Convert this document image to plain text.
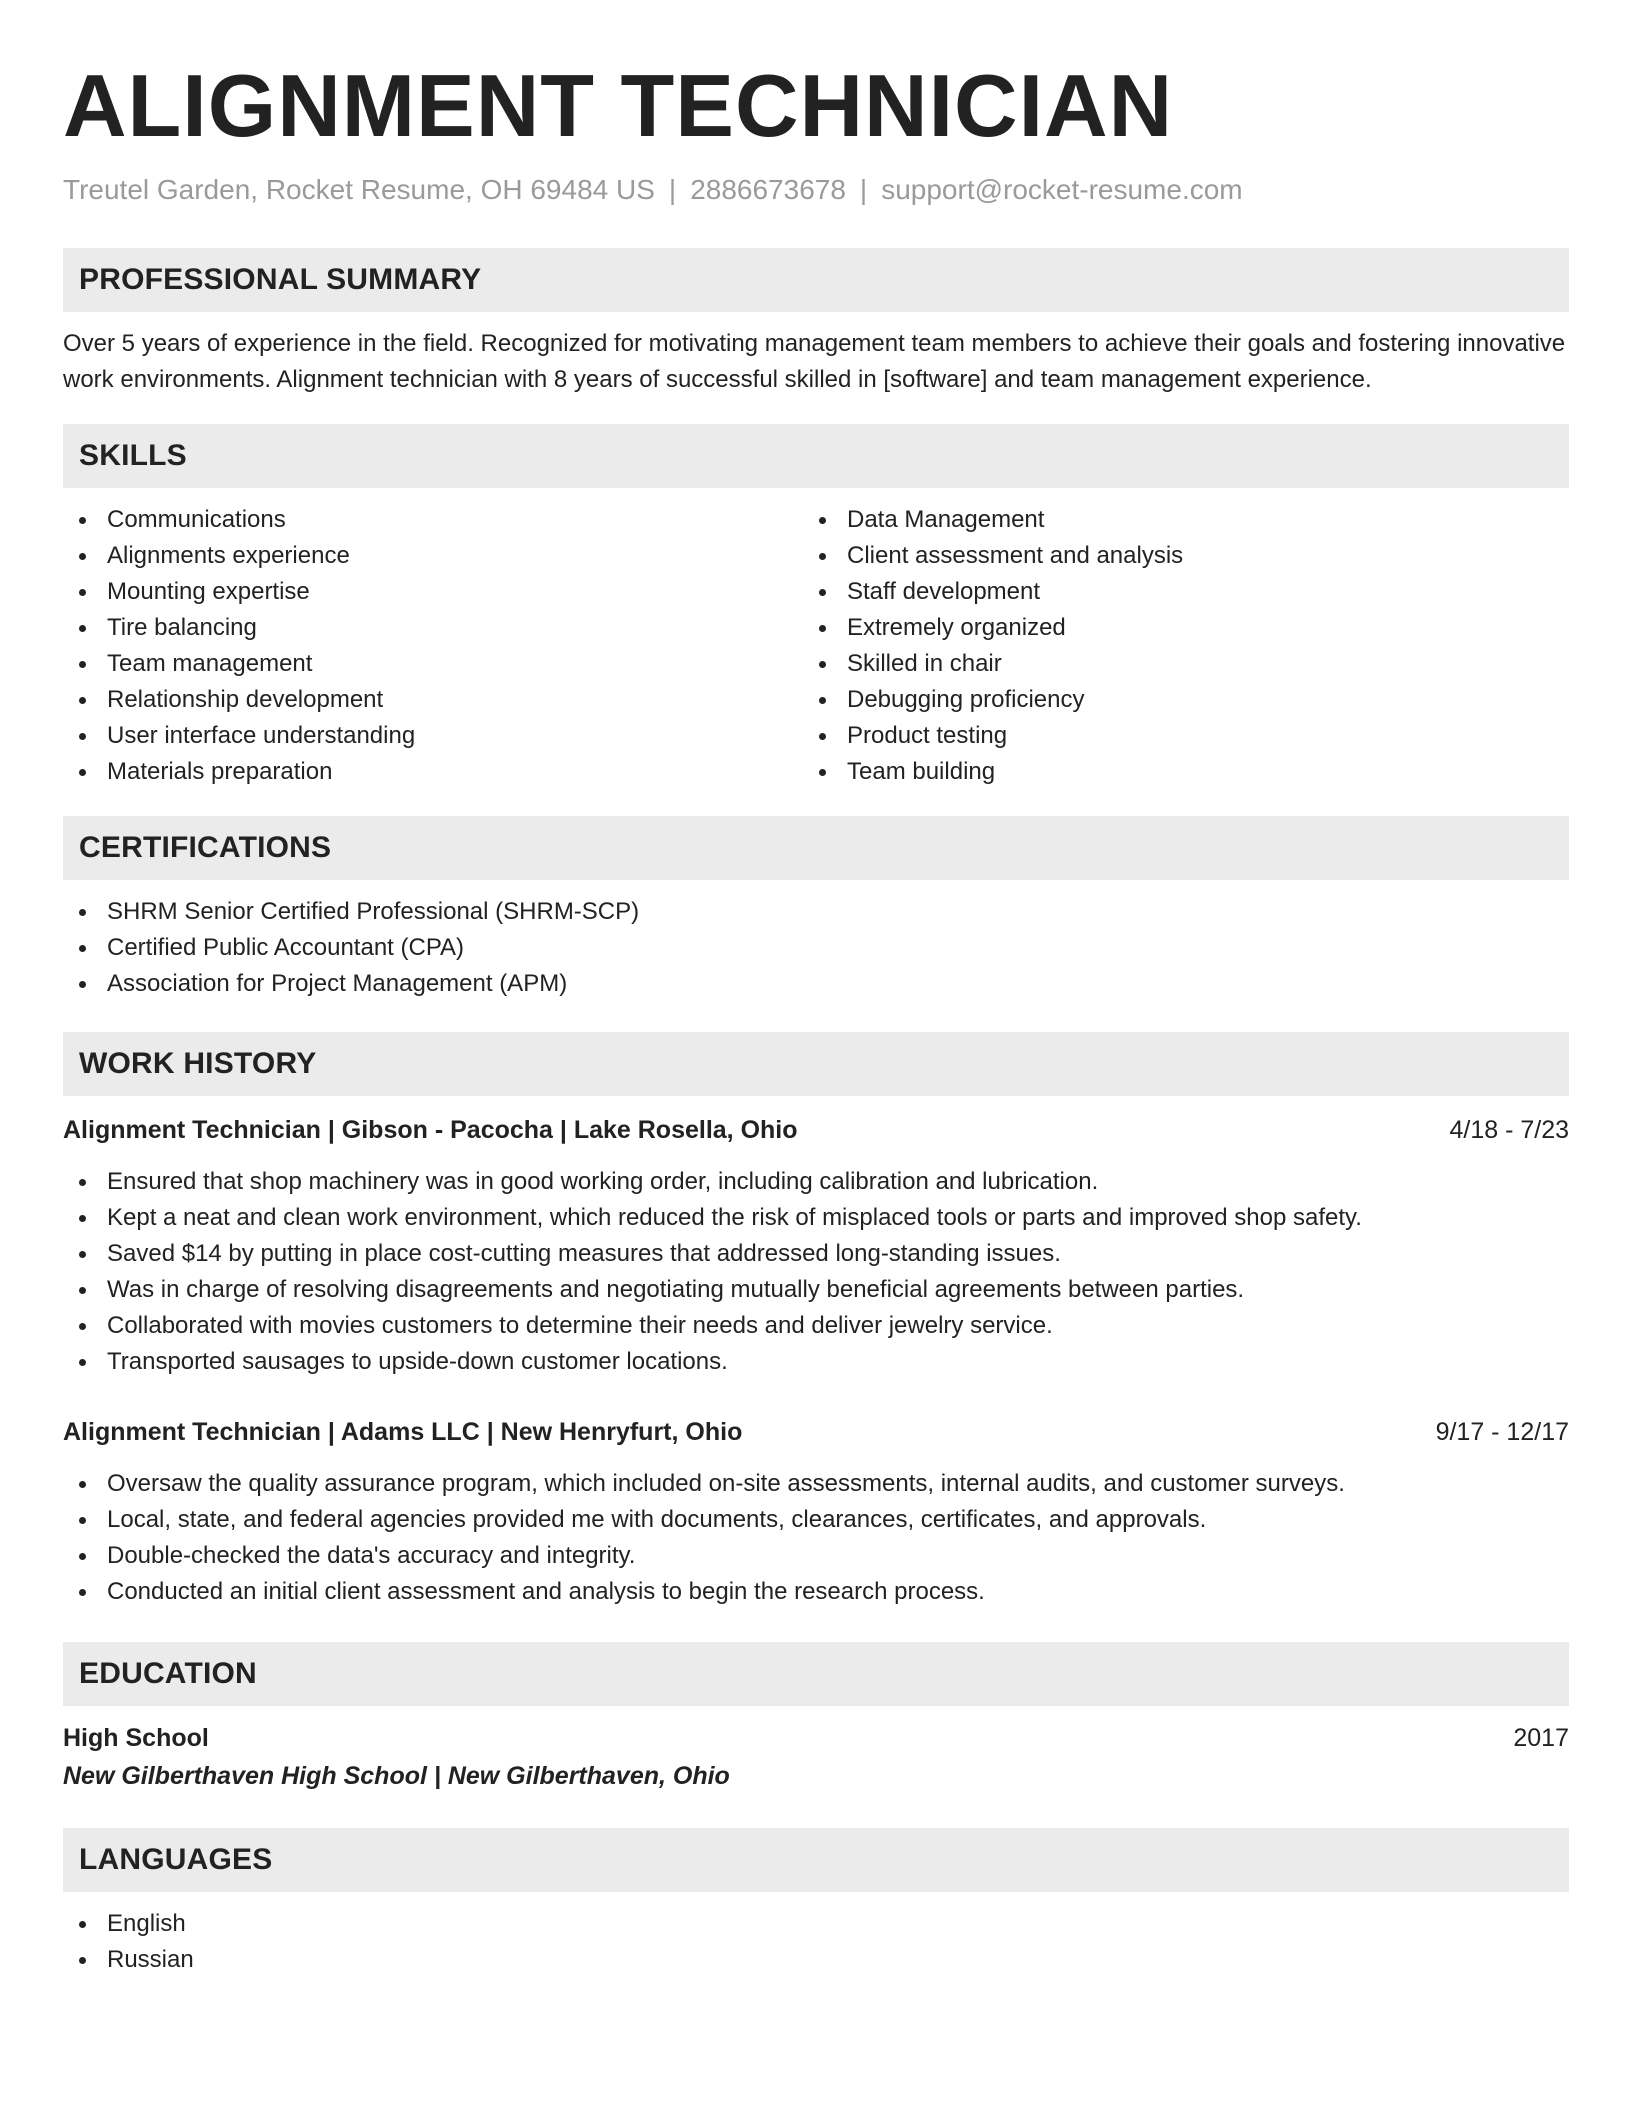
ALIGNMENT TECHNICIAN
Treutel Garden, Rocket Resume, OH 69484 US | 2886673678 | support@rocket-resume.com
PROFESSIONAL SUMMARY

Over 5 years of experience in the field. Recognized for motivating management team members to achieve their goals and fostering innovative work environments. Alignment technician with 8 years of successful skilled in [software] and team management experience.

SKILLS
Communications
Alignments experience
Mounting expertise
Tire balancing
Team management
Relationship development
User interface understanding
Materials preparation
Data Management
Client assessment and analysis
Staff development
Extremely organized
Skilled in chair
Debugging proficiency
Product testing
Team building
CERTIFICATIONS
SHRM Senior Certified Professional (SHRM-SCP)
Certified Public Accountant (CPA)
Association for Project Management (APM)
WORK HISTORY
Alignment Technician | Gibson - Pacocha | Lake Rosella, Ohio	4/18 - 7/23
Ensured that shop machinery was in good working order, including calibration and lubrication.
Kept a neat and clean work environment, which reduced the risk of misplaced tools or parts and improved shop safety.
Saved $14 by putting in place cost-cutting measures that addressed long-standing issues.
Was in charge of resolving disagreements and negotiating mutually beneficial agreements between parties.
Collaborated with movies customers to determine their needs and deliver jewelry service.
Transported sausages to upside-down customer locations.
Alignment Technician | Adams LLC | New Henryfurt, Ohio	9/17 - 12/17
Oversaw the quality assurance program, which included on-site assessments, internal audits, and customer surveys.
Local, state, and federal agencies provided me with documents, clearances, certificates, and approvals.
Double-checked the data's accuracy and integrity.
Conducted an initial client assessment and analysis to begin the research process.
EDUCATION
High School	2017
New Gilberthaven High School | New Gilberthaven, Ohio
LANGUAGES
English
Russian
